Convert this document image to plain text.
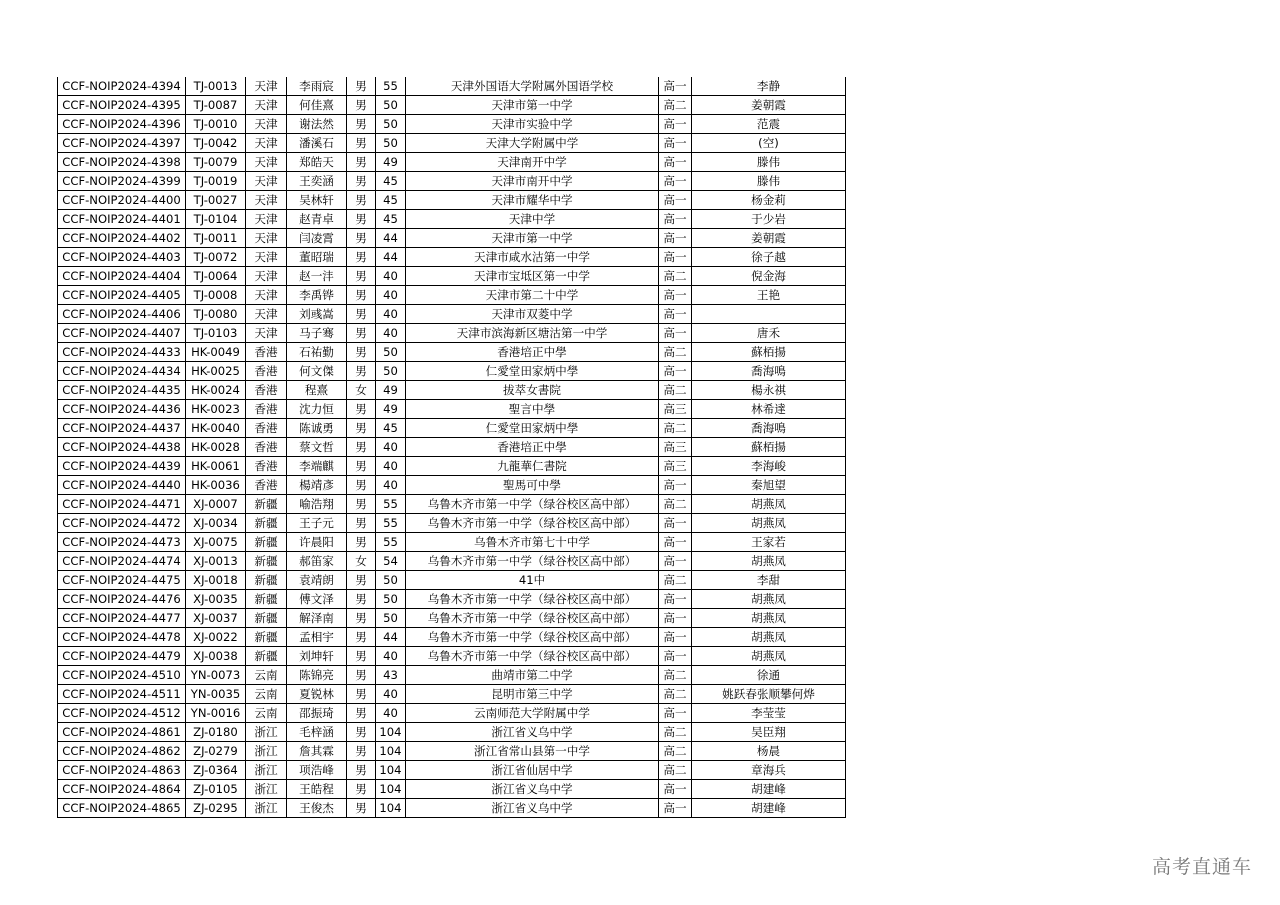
CCF-NOIP2024-4394	TJ-0013	天津	李雨宸	男	55	天津外国语大学附属外国语学校	高一	李静
CCF-NOIP2024-4395	TJ-0087	天津	何佳熹	男	50	天津市第一中学	高二	姜朝霞
CCF-NOIP2024-4396	TJ-0010	天津	谢法然	男	50	天津市实验中学	高一	范震
CCF-NOIP2024-4397	TJ-0042	天津	潘溪石	男	50	天津大学附属中学	高一	(空)
CCF-NOIP2024-4398	TJ-0079	天津	郑皓天	男	49	天津南开中学	高一	滕伟
CCF-NOIP2024-4399	TJ-0019	天津	王奕涵	男	45	天津市南开中学	高一	滕伟
CCF-NOIP2024-4400	TJ-0027	天津	吴林轩	男	45	天津市耀华中学	高一	杨金莉
CCF-NOIP2024-4401	TJ-0104	天津	赵青卓	男	45	天津中学	高一	于少岩
CCF-NOIP2024-4402	TJ-0011	天津	闫凌霄	男	44	天津市第一中学	高一	姜朝霞
CCF-NOIP2024-4403	TJ-0072	天津	董昭瑞	男	44	天津市咸水沽第一中学	高一	徐子越
CCF-NOIP2024-4404	TJ-0064	天津	赵一沣	男	40	天津市宝坻区第一中学	高二	倪金海
CCF-NOIP2024-4405	TJ-0008	天津	李禹铧	男	40	天津市第二十中学	高一	王艳
CCF-NOIP2024-4406	TJ-0080	天津	刘彧嵩	男	40	天津市双菱中学	高一	
CCF-NOIP2024-4407	TJ-0103	天津	马子骞	男	40	天津市滨海新区塘沽第一中学	高一	唐禾
CCF-NOIP2024-4433	HK-0049	香港	石祐勤	男	50	香港培正中學	高二	蘇栢揚
CCF-NOIP2024-4434	HK-0025	香港	何文傑	男	50	仁愛堂田家炳中學	高一	喬海鳴
CCF-NOIP2024-4435	HK-0024	香港	程熹	女	49	拔萃女書院	高二	楊永祺
CCF-NOIP2024-4436	HK-0023	香港	沈力恒	男	49	聖言中學	高三	林希達
CCF-NOIP2024-4437	HK-0040	香港	陈诚勇	男	45	仁愛堂田家炳中學	高二	喬海鳴
CCF-NOIP2024-4438	HK-0028	香港	蔡文哲	男	40	香港培正中學	高三	蘇栢揚
CCF-NOIP2024-4439	HK-0061	香港	李端麒	男	40	九龍華仁書院	高三	李海峻
CCF-NOIP2024-4440	HK-0036	香港	楊靖彥	男	40	聖馬可中學	高一	秦旭望
CCF-NOIP2024-4471	XJ-0007	新疆	喻浩翔	男	55	乌鲁木齐市第一中学（绿谷校区高中部）	高二	胡燕凤
CCF-NOIP2024-4472	XJ-0034	新疆	王子元	男	55	乌鲁木齐市第一中学（绿谷校区高中部）	高一	胡燕凤
CCF-NOIP2024-4473	XJ-0075	新疆	许晨阳	男	55	乌鲁木齐市第七十中学	高一	王家若
CCF-NOIP2024-4474	XJ-0013	新疆	郝笛家	女	54	乌鲁木齐市第一中学（绿谷校区高中部）	高一	胡燕凤
CCF-NOIP2024-4475	XJ-0018	新疆	袁靖朗	男	50	41中	高二	李甜
CCF-NOIP2024-4476	XJ-0035	新疆	傅文泽	男	50	乌鲁木齐市第一中学（绿谷校区高中部）	高一	胡燕凤
CCF-NOIP2024-4477	XJ-0037	新疆	解泽南	男	50	乌鲁木齐市第一中学（绿谷校区高中部）	高一	胡燕凤
CCF-NOIP2024-4478	XJ-0022	新疆	孟相宇	男	44	乌鲁木齐市第一中学（绿谷校区高中部）	高一	胡燕凤
CCF-NOIP2024-4479	XJ-0038	新疆	刘坤轩	男	40	乌鲁木齐市第一中学（绿谷校区高中部）	高一	胡燕凤
CCF-NOIP2024-4510	YN-0073	云南	陈锦亮	男	43	曲靖市第二中学	高二	徐通
CCF-NOIP2024-4511	YN-0035	云南	夏锐林	男	40	昆明市第三中学	高二	姚跃春张顺攀何烨
CCF-NOIP2024-4512	YN-0016	云南	邵振琦	男	40	云南师范大学附属中学	高一	李莹莹
CCF-NOIP2024-4861	ZJ-0180	浙江	毛梓涵	男	104	浙江省义乌中学	高二	吴臣翔
CCF-NOIP2024-4862	ZJ-0279	浙江	詹其霖	男	104	浙江省常山县第一中学	高二	杨晨
CCF-NOIP2024-4863	ZJ-0364	浙江	项浩峰	男	104	浙江省仙居中学	高二	章海兵
CCF-NOIP2024-4864	ZJ-0105	浙江	王皓程	男	104	浙江省义乌中学	高一	胡建峰
CCF-NOIP2024-4865	ZJ-0295	浙江	王俊杰	男	104	浙江省义乌中学	高一	胡建峰
高考直通车
